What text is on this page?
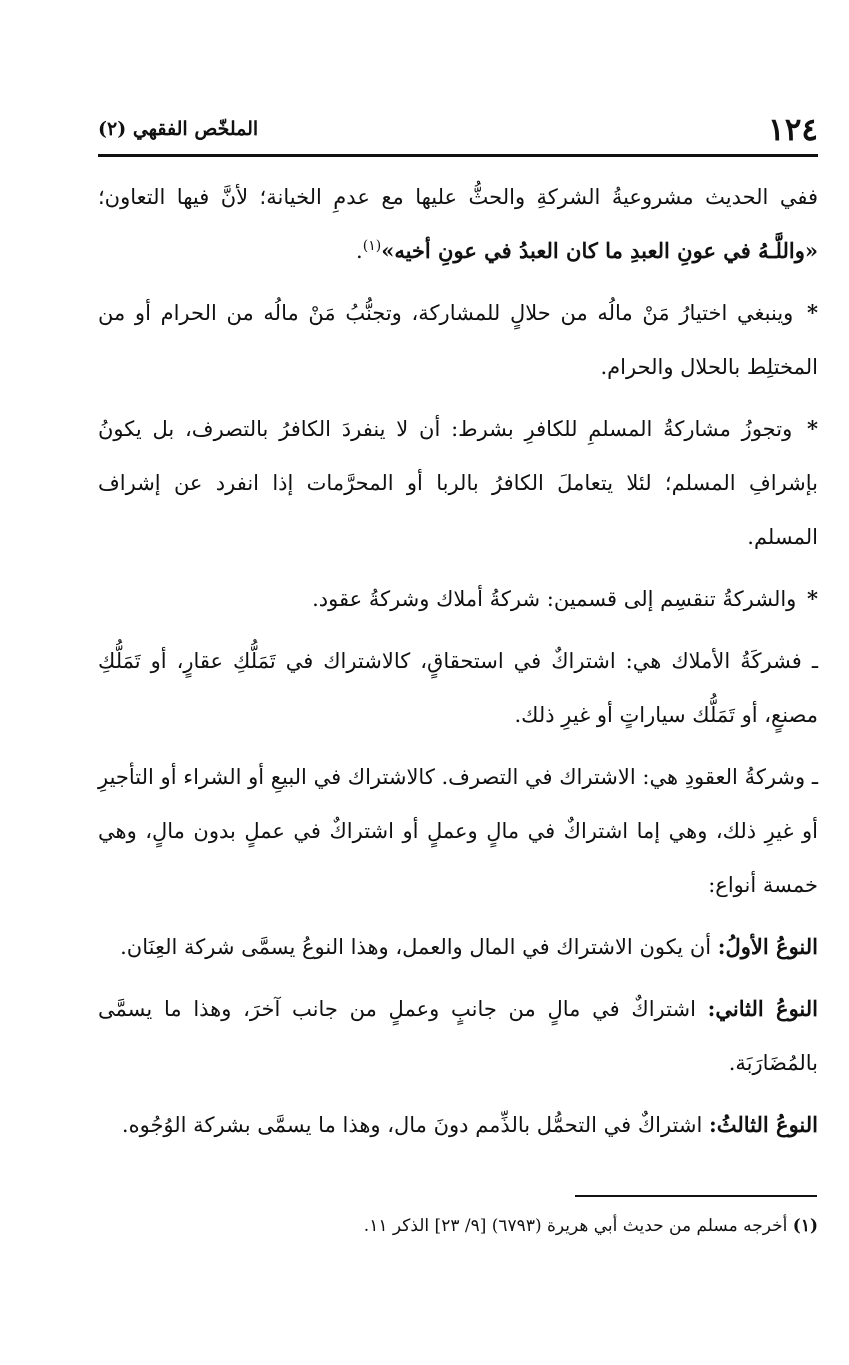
١٢٤
الملخّص الفقهي (٢)

ففي الحديث مشروعيةُ الشركةِ والحثُّ عليها مع عدمِ الخيانة؛ لأنَّ فيها التعاون؛ «واللَّـهُ في عونِ العبدِ ما كان العبدُ في عونِ أخيه»$^{(١)}$.

* وينبغي اختيارُ مَنْ مالُه من حلالٍ للمشاركة، وتجنُّبُ مَنْ مالُه من الحرام أو من المختلِط بالحلال والحرام.

* وتجوزُ مشاركةُ المسلمِ للكافرِ بشرط: أن لا ينفردَ الكافرُ بالتصرف، بل يكونُ بإشرافِ المسلم؛ لئلا يتعاملَ الكافرُ بالربا أو المحرَّمات إذا انفرد عن إشراف المسلم.

* والشركةُ تنقسِم إلى قسمين: شركةُ أملاك وشركةُ عقود.

ـ فشركَةُ الأملاك هي: اشتراكٌ في استحقاقٍ، كالاشتراك في تَمَلُّكِ عقارٍ، أو تَمَلُّكِ مصنعٍ، أو تَمَلُّك سياراتٍ أو غيرِ ذلك.

ـ وشركةُ العقودِ هي: الاشتراك في التصرف. كالاشتراك في البيعِ أو الشراء أو التأجيرِ أو غيرِ ذلك، وهي إما اشتراكٌ في مالٍ وعملٍ أو اشتراكٌ في عملٍ بدون مالٍ، وهي خمسة أنواع:

النوعُ الأولُ: أن يكون الاشتراك في المال والعمل، وهذا النوعُ يسمَّى شركة العِنَان.

النوعُ الثاني: اشتراكٌ في مالٍ من جانبٍ وعملٍ من جانب آخرَ، وهذا ما يسمَّى بالمُضَارَبَة.

النوعُ الثالثُ: اشتراكٌ في التحمُّل بالذِّمم دونَ مال، وهذا ما يسمَّى بشركة الوُجُوه.

(١) أخرجه مسلم من حديث أبي هريرة (٦٧٩٣) [٩/ ٢٣] الذكر ١١.
